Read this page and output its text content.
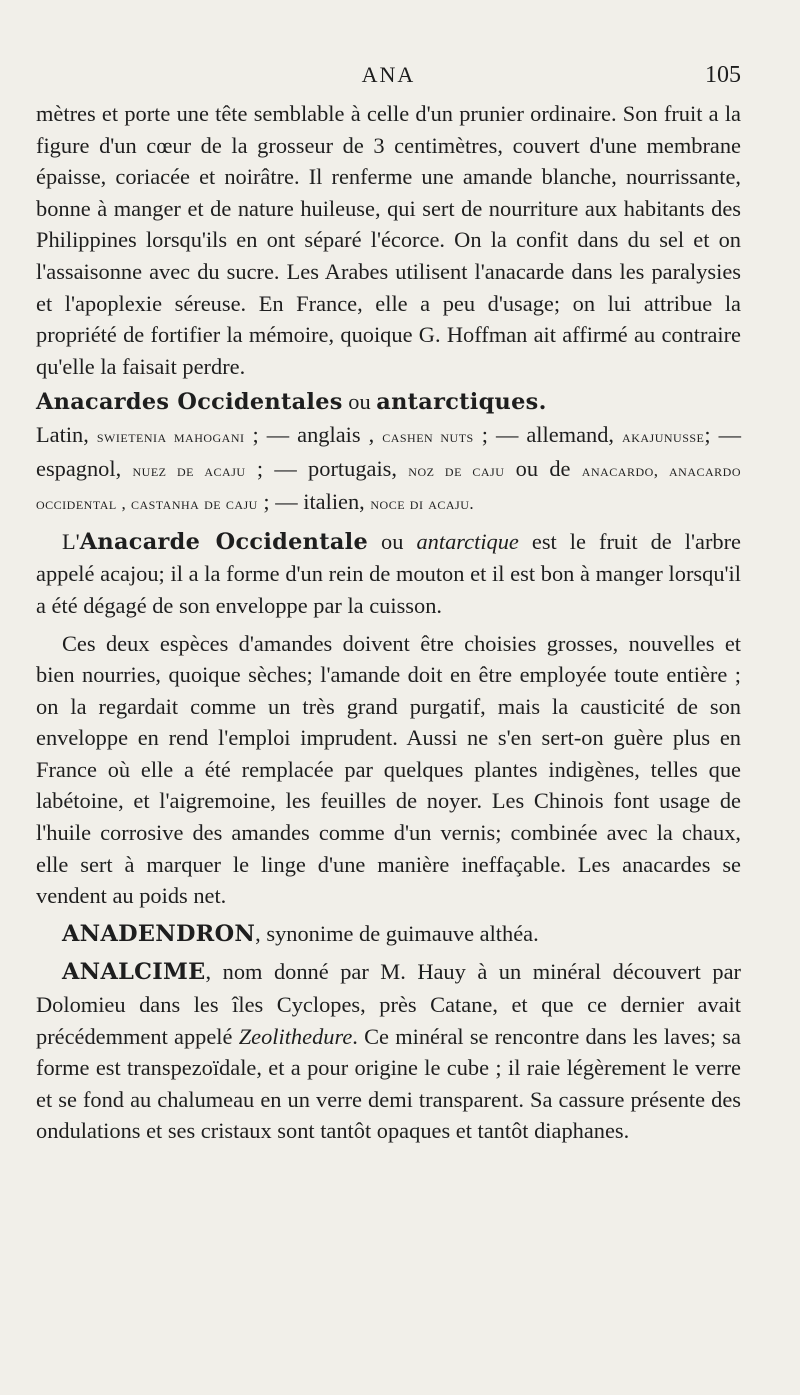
ANA	105

mètres et porte une tête semblable à celle d'un prunier ordinaire. Son fruit a la figure d'un cœur de la grosseur de 3 centimètres, couvert d'une membrane épaisse, coriacée et noirâtre. Il renferme une amande blanche, nourrissante, bonne à manger et de nature huileuse, qui sert de nourriture aux habitants des Philippines lorsqu'ils en ont séparé l'écorce. On la confit dans du sel et on l'assaisonne avec du sucre. Les Arabes utilisent l'anacarde dans les paralysies et l'apoplexie séreuse. En France, elle a peu d'usage; on lui attribue la propriété de fortifier la mémoire, quoique G. Hoffman ait affirmé au contraire qu'elle la faisait perdre.

Anacardes Occidentales ou antarctiques.

Latin, swietenia mahogani ; — anglais , cashen nuts ; — allemand, akajunusse; — espagnol, nuez de acaju ; — portugais, noz de caju ou de anacardo, anacardo occidental , castanha de caju ; — italien, noce di acaju.

L'Anacarde Occidentale ou antarctique est le fruit de l'arbre appelé acajou; il a la forme d'un rein de mouton et il est bon à manger lorsqu'il a été dégagé de son enveloppe par la cuisson.

Ces deux espèces d'amandes doivent être choisies grosses, nouvelles et bien nourries, quoique sèches; l'amande doit en être employée toute entière ; on la regardait comme un très grand purgatif, mais la causticité de son enveloppe en rend l'emploi imprudent. Aussi ne s'en sert-on guère plus en France où elle a été remplacée par quelques plantes indigènes, telles que labétoine, et l'aigremoine, les feuilles de noyer. Les Chinois font usage de l'huile corrosive des amandes comme d'un vernis; combinée avec la chaux, elle sert à marquer le linge d'une manière ineffaçable. Les anacardes se vendent au poids net.

ANADENDRON, synonime de guimauve althéa.

ANALCIME, nom donné par M. Hauy à un minéral découvert par Dolomieu dans les îles Cyclopes, près Catane, et que ce dernier avait précédemment appelé Zeolithedure. Ce minéral se rencontre dans les laves; sa forme est transpezoïdale, et a pour origine le cube ; il raie légèrement le verre et se fond au chalumeau en un verre demi transparent. Sa cassure présente des ondulations et ses cristaux sont tantôt opaques et tantôt diaphanes.
